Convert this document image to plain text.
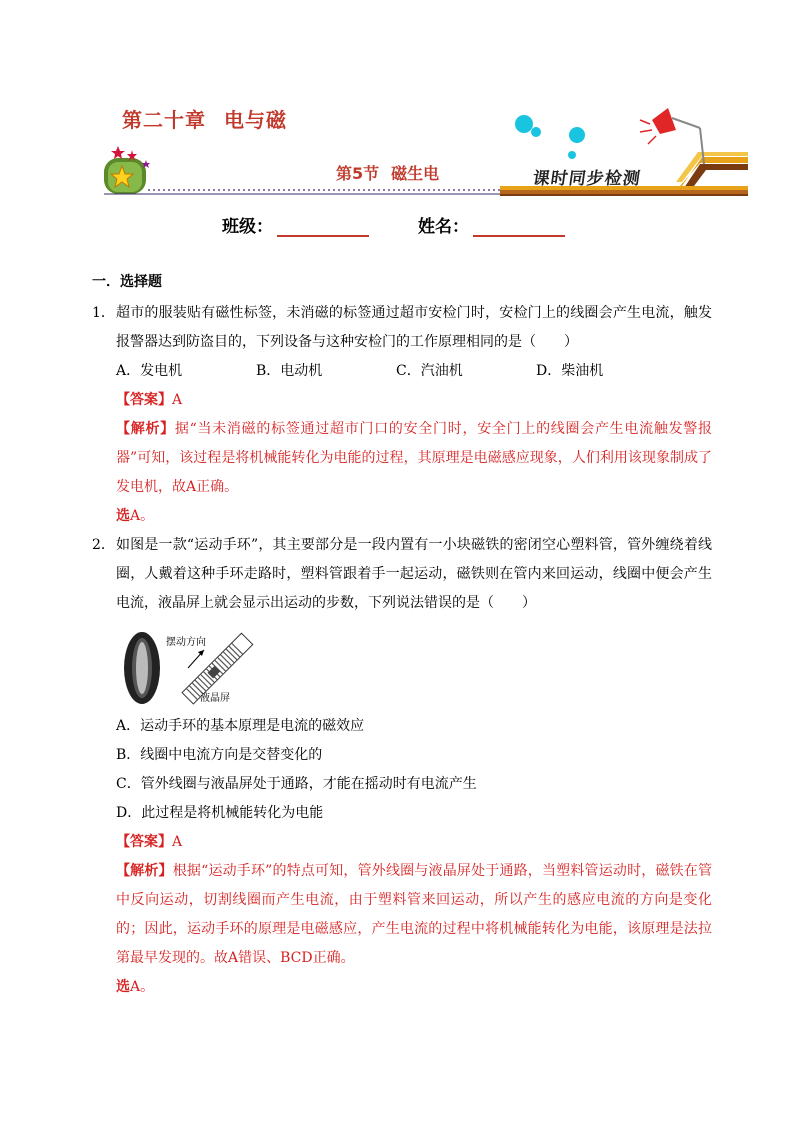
第二十章 电与磁
第5节 磁生电	课时同步检测
班级：	姓名：
一．选择题
1． 超市的服装贴有磁性标签，未消磁的标签通过超市安检门时，安检门上的线圈会产生电流，触发报警器达到防盗目的，下列设备与这种安检门的工作原理相同的是（　　）
A．发电机	B．电动机	C．汽油机	D．柴油机
【答案】A
【解析】据“当未消磁的标签通过超市门口的安全门时，安全门上的线圈会产生电流触发警报器”可知，该过程是将机械能转化为电能的过程，其原理是电磁感应现象，人们利用该现象制成了发电机，故A正确。
选A。
2． 如图是一款“运动手环”，其主要部分是一段内置有一小块磁铁的密闭空心塑料管，管外缠绕着线圈，人戴着这种手环走路时，塑料管跟着手一起运动，磁铁则在管内来回运动，线圈中便会产生电流，液晶屏上就会显示出运动的步数，下列说法错误的是（　　）
摆动方向
液晶屏
A．运动手环的基本原理是电流的磁效应
B．线圈中电流方向是交替变化的
C．管外线圈与液晶屏处于通路，才能在摇动时有电流产生
D．此过程是将机械能转化为电能
【答案】A
【解析】根据“运动手环”的特点可知，管外线圈与液晶屏处于通路，当塑料管运动时，磁铁在管中反向运动，切割线圈而产生电流，由于塑料管来回运动，所以产生的感应电流的方向是变化的；因此，运动手环的原理是电磁感应，产生电流的过程中将机械能转化为电能，该原理是法拉第最早发现的。故A错误、BCD正确。
选A。
